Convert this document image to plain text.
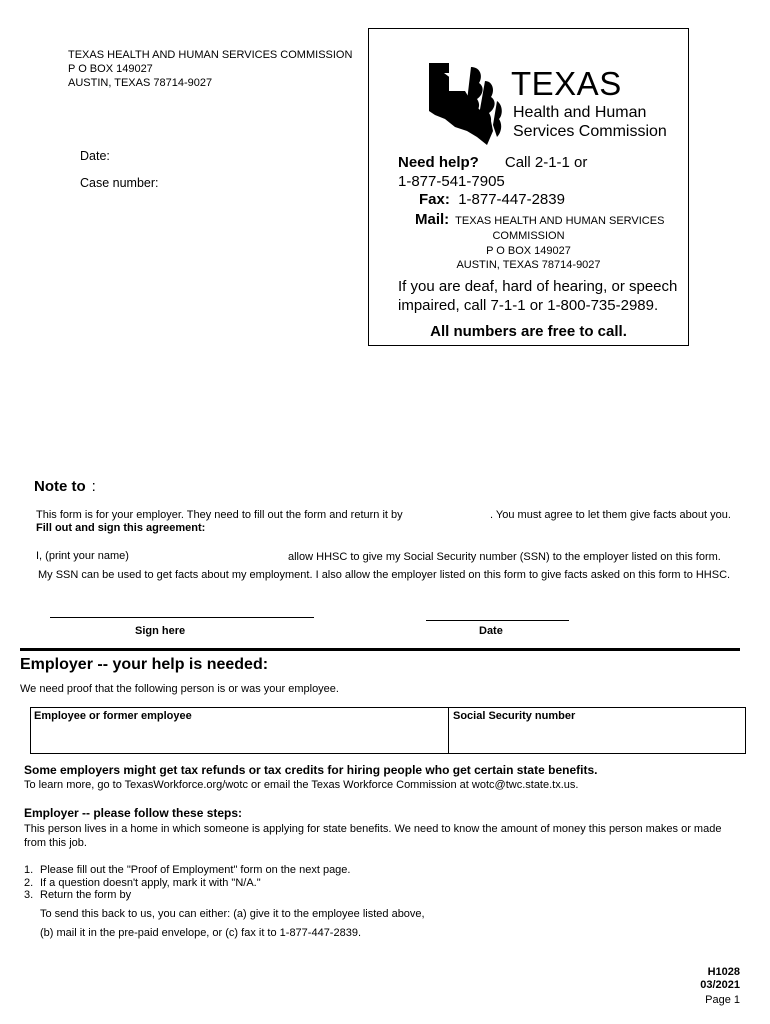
TEXAS HEALTH AND HUMAN SERVICES COMMISSION
P O BOX 149027
AUSTIN, TEXAS 78714-9027
Date:
Case number:
TEXAS
Health and Human
Services Commission
Need help? Call 2-1-1 or
1-877-541-7905
Fax: 1-877-447-2839
Mail: TEXAS HEALTH AND HUMAN SERVICES
COMMISSION
P O BOX 149027
AUSTIN, TEXAS 78714-9027
If you are deaf, hard of hearing, or speech
impaired, call 7-1-1 or 1-800-735-2989.
All numbers are free to call.
Note to :
This form is for your employer. They need to fill out the form and return it by	. You must agree to let them give facts about you.
Fill out and sign this agreement:
I, (print your name)	allow HHSC to give my Social Security number (SSN) to the employer listed on this form.
My SSN can be used to get facts about my employment. I also allow the employer listed on this form to give facts asked on this form to HHSC.
Sign here	Date
Employer -- your help is needed:
We need proof that the following person is or was your employee.
Employee or former employee	Social Security number
Some employers might get tax refunds or tax credits for hiring people who get certain state benefits.
To learn more, go to TexasWorkforce.org/wotc or email the Texas Workforce Commission at wotc@twc.state.tx.us.
Employer -- please follow these steps:
This person lives in a home in which someone is applying for state benefits. We need to know the amount of money this person makes or made from this job.
1. Please fill out the "Proof of Employment" form on the next page.
2. If a question doesn't apply, mark it with "N/A."
3. Return the form by
To send this back to us, you can either: (a) give it to the employee listed above,
(b) mail it in the pre-paid envelope, or (c) fax it to 1-877-447-2839.
H1028
03/2021
Page 1
